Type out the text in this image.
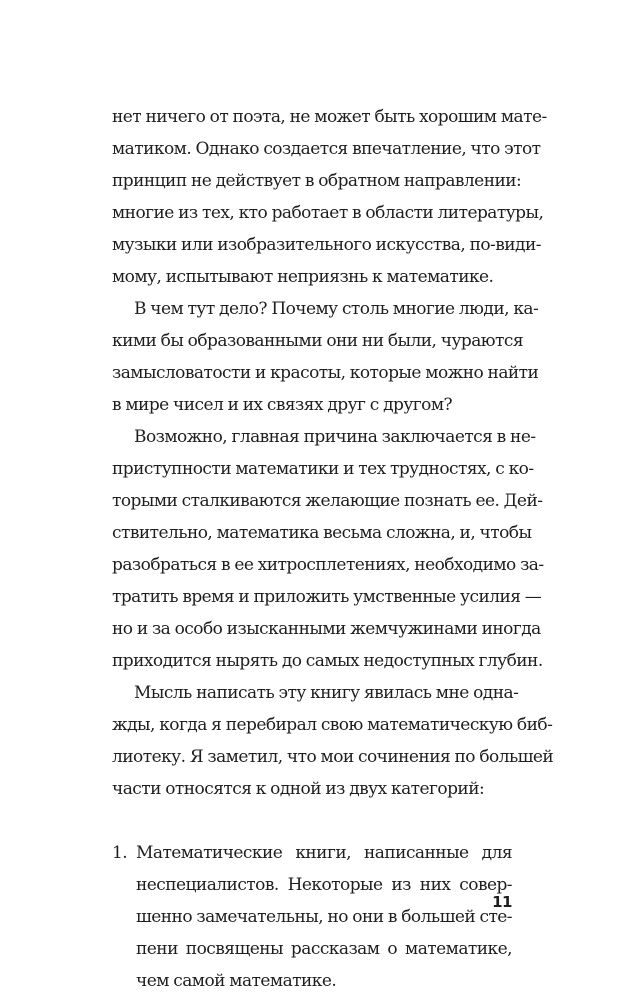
нет ничего от поэта, не может быть хорошим мате-
матиком. Однако создается впечатление, что этот
принцип не действует в обратном направлении:
многие из тех, кто работает в области литературы,
музыки или изобразительного искусства, по-види-
мому, испытывают неприязнь к математике.
В чем тут дело? Почему столь многие люди, ка-
кими бы образованными они ни были, чураются
замысловатости и красоты, которые можно найти
в мире чисел и их связях друг с другом?
Возможно, главная причина заключается в не-
приступности математики и тех трудностях, с ко-
торыми сталкиваются желающие познать ее. Дей-
ствительно, математика весьма сложна, и, чтобы
разобраться в ее хитросплетениях, необходимо за-
тратить время и приложить умственные усилия —
но и за особо изысканными жемчужинами иногда
приходится нырять до самых недоступных глубин.
Мысль написать эту книгу явилась мне однa-
жды, когда я перебирал свою математическую биб-
лиотеку. Я заметил, что мои сочинения по большей
части относятся к одной из двух категорий:
1. Математические книги, написанные для
неспециалистов. Некоторые из них совер-
шенно замечательны, но они в большей сте-
пени посвящены рассказам о математике,
чем самой математике.
11
